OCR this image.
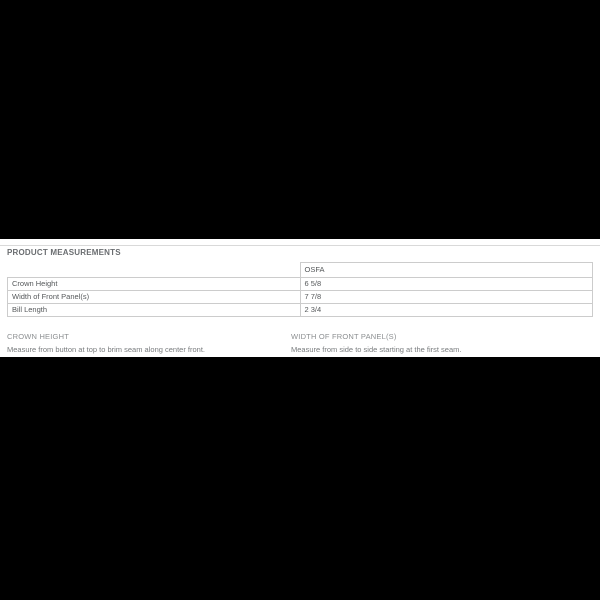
PRODUCT MEASUREMENTS
	OSFA
Crown Height	6 5/8
Width of Front Panel(s)	7 7/8
Bill Length	2 3/4
CROWN HEIGHT
Measure from button at top to brim seam along center front.
WIDTH OF FRONT PANEL(S)
Measure from side to side starting at the first seam.
